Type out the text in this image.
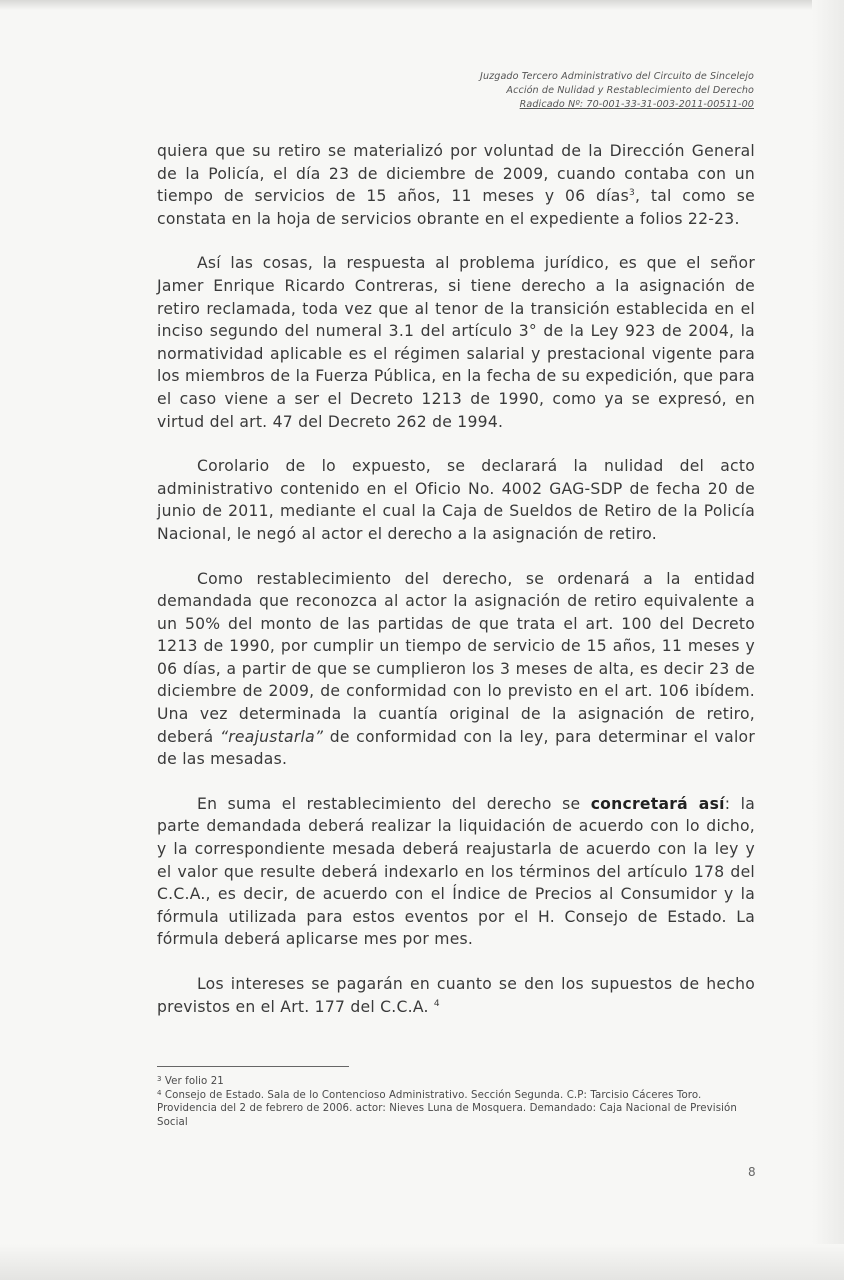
Juzgado Tercero Administrativo del Circuito de Sincelejo
Acción de Nulidad y Restablecimiento del Derecho
Radicado Nº: 70-001-33-31-003-2011-00511-00

quiera que su retiro se materializó por voluntad de la Dirección General de la Policía, el día 23 de diciembre de 2009, cuando contaba con un tiempo de servicios de 15 años, 11 meses y 06 días$^3$, tal como se constata en la hoja de servicios obrante en el expediente a folios 22-23.

Así las cosas, la respuesta al problema jurídico, es que el señor Jamer Enrique Ricardo Contreras, si tiene derecho a la asignación de retiro reclamada, toda vez que al tenor de la transición establecida en el inciso segundo del numeral 3.1 del artículo 3° de la Ley 923 de 2004, la normatividad aplicable es el régimen salarial y prestacional vigente para los miembros de la Fuerza Pública, en la fecha de su expedición, que para el caso viene a ser el Decreto 1213 de 1990, como ya se expresó, en virtud del art. 47 del Decreto 262 de 1994.

Corolario de lo expuesto, se declarará la nulidad del acto administrativo contenido en el Oficio No. 4002 GAG-SDP de fecha 20 de junio de 2011, mediante el cual la Caja de Sueldos de Retiro de la Policía Nacional, le negó al actor el derecho a la asignación de retiro.

Como restablecimiento del derecho, se ordenará a la entidad demandada que reconozca al actor la asignación de retiro equivalente a un 50% del monto de las partidas de que trata el art. 100 del Decreto 1213 de 1990, por cumplir un tiempo de servicio de 15 años, 11 meses y 06 días, a partir de que se cumplieron los 3 meses de alta, es decir 23 de diciembre de 2009, de conformidad con lo previsto en el art. 106 ibídem. Una vez determinada la cuantía original de la asignación de retiro, deberá “reajustarla” de conformidad con la ley, para determinar el valor de las mesadas.

En suma el restablecimiento del derecho se concretará así: la parte demandada deberá realizar la liquidación de acuerdo con lo dicho, y la correspondiente mesada deberá reajustarla de acuerdo con la ley y el valor que resulte deberá indexarlo en los términos del artículo 178 del C.C.A., es decir, de acuerdo con el Índice de Precios al Consumidor y la fórmula utilizada para estos eventos por el H. Consejo de Estado. La fórmula deberá aplicarse mes por mes.

Los intereses se pagarán en cuanto se den los supuestos de hecho previstos en el Art. 177 del C.C.A. $^4$

$^3$ Ver folio 21

$^4$ Consejo de Estado. Sala de lo Contencioso Administrativo. Sección Segunda. C.P: Tarcisio Cáceres Toro. Providencia del 2 de febrero de 2006. actor: Nieves Luna de Mosquera. Demandado: Caja Nacional de Previsión Social

8
